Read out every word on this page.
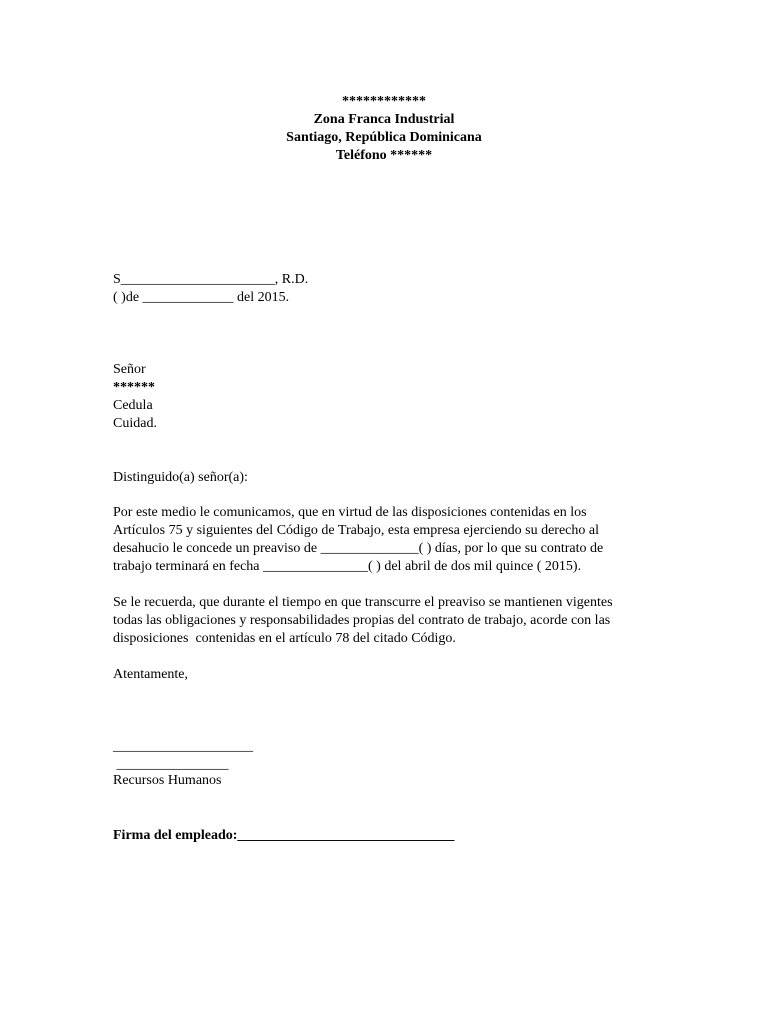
************
Zona Franca Industrial
Santiago, República Dominicana
Teléfono ******
S______________________, R.D.
( )de _____________ del 2015.
Señor
******
Cedula
Cuidad.
Distinguido(a) señor(a):
Por este medio le comunicamos, que en virtud de las disposiciones contenidas en los
Artículos 75 y siguientes del Código de Trabajo, esta empresa ejerciendo su derecho al
desahucio le concede un preaviso de ______________( ) días, por lo que su contrato de
trabajo terminará en fecha _______________( ) del abril de dos mil quince ( 2015).
Se le recuerda, que durante el tiempo en que transcurre el preaviso se mantienen vigentes
todas las obligaciones y responsabilidades propias del contrato de trabajo, acorde con las
disposiciones  contenidas en el artículo 78 del citado Código.
Atentamente,
____________________
________________
Recursos Humanos
Firma del empleado:_______________________________
